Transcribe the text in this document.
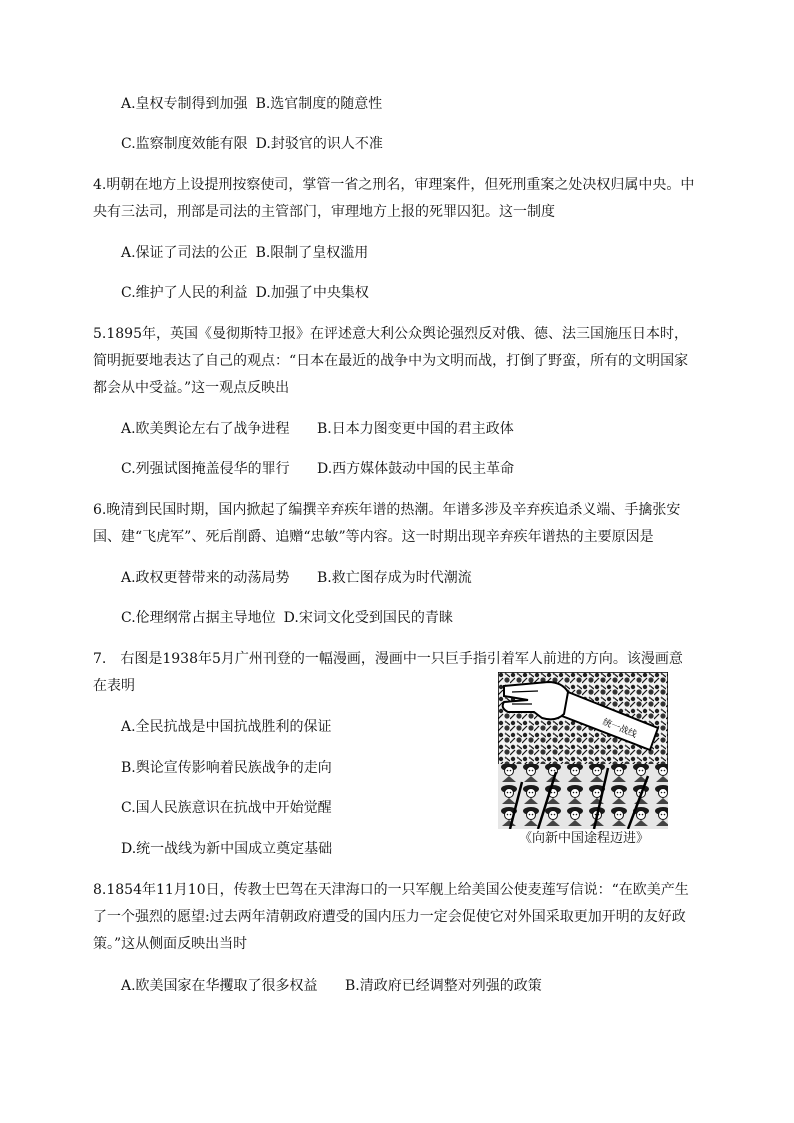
A.皇权专制得到加强 B.选官制度的随意性
C.监察制度效能有限 D.封驳官的识人不准
4.明朝在地方上设提刑按察使司，掌管一省之刑名，审理案件，但死刑重案之处决权归属中央。中
央有三法司，刑部是司法的主管部门，审理地方上报的死罪囚犯。这一制度
A.保证了司法的公正 B.限制了皇权滥用
C.维护了人民的利益 D.加强了中央集权
5.1895年，英国《曼彻斯特卫报》在评述意大利公众舆论强烈反对俄、德、法三国施压日本时，
简明扼要地表达了自己的观点：“日本在最近的战争中为文明而战，打倒了野蛮，所有的文明国家
都会从中受益。”这一观点反映出
A.欧美舆论左右了战争进程 B.日本力图变更中国的君主政体
C.列强试图掩盖侵华的罪行 D.西方媒体鼓动中国的民主革命
6.晚清到民国时期，国内掀起了编撰辛弃疾年谱的热潮。年谱多涉及辛弃疾追杀义端、手擒张安
国、建“飞虎军”、死后削爵、追赠“忠敏”等内容。这一时期出现辛弃疾年谱热的主要原因是
A.政权更替带来的动荡局势 B.救亡图存成为时代潮流
C.伦理纲常占据主导地位 D.宋词文化受到国民的青睐
7.　右图是1938年5月广州刊登的一幅漫画，漫画中一只巨手指引着军人前进的方向。该漫画意
在表明
A.全民抗战是中国抗战胜利的保证
B.舆论宣传影响着民族战争的走向
C.国人民族意识在抗战中开始觉醒
D.统一战线为新中国成立奠定基础
统一战线
《向新中国途程迈进》
8.1854年11月10日，传教士巴驾在天津海口的一只军舰上给美国公使麦莲写信说：“在欧美产生
了一个强烈的愿望:过去两年清朝政府遭受的国内压力一定会促使它对外国采取更加开明的友好政
策。”这从侧面反映出当时
A.欧美国家在华攫取了很多权益 B.清政府已经调整对列强的政策
